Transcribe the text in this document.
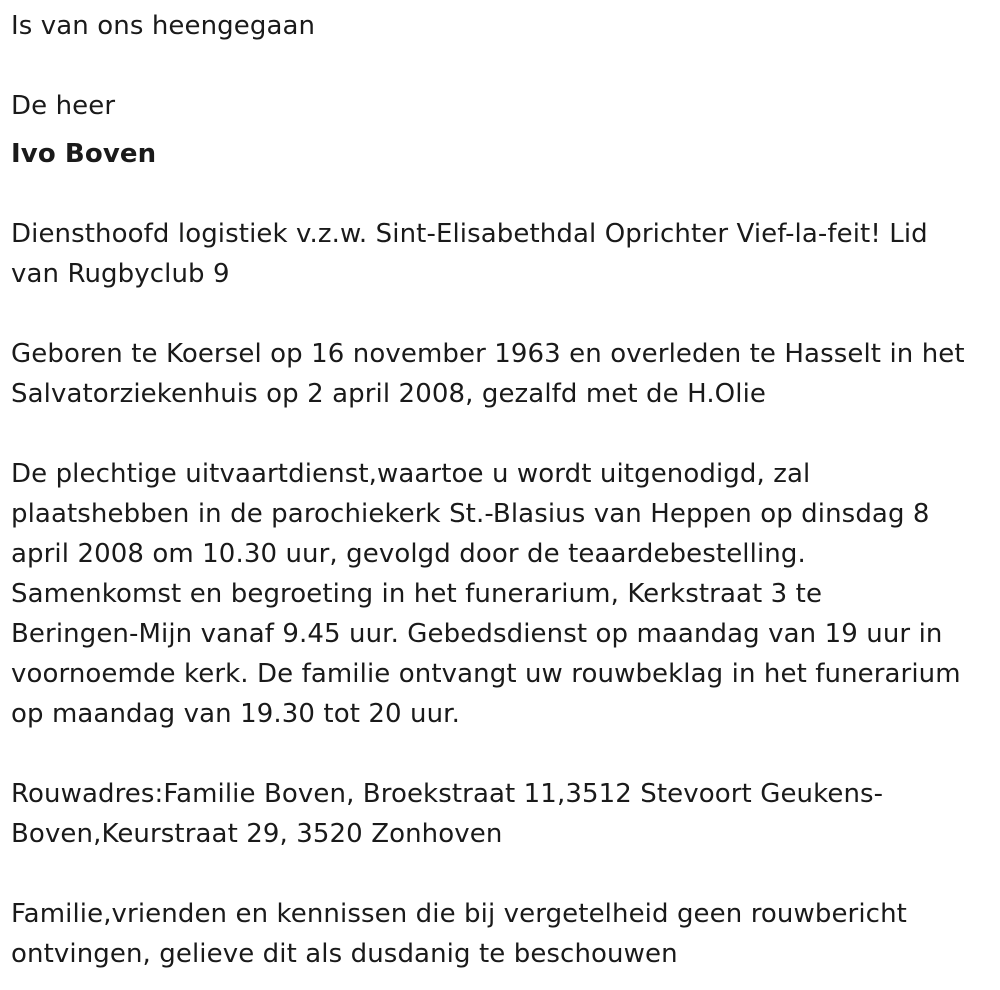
Is van ons heengegaan

De heer

Ivo Boven

Diensthoofd logistiek v.z.w. Sint-Elisabethdal Oprichter Vief-la-feit! Lid
van Rugbyclub 9

Geboren te Koersel op 16 november 1963 en overleden te Hasselt in het
Salvatorziekenhuis op 2 april 2008, gezalfd met de H.Olie

De plechtige uitvaartdienst,waartoe u wordt uitgenodigd, zal
plaatshebben in de parochiekerk St.-Blasius van Heppen op dinsdag 8
april 2008 om 10.30 uur, gevolgd door de teaardebestelling.
Samenkomst en begroeting in het funerarium, Kerkstraat 3 te
Beringen-Mijn vanaf 9.45 uur. Gebedsdienst op maandag van 19 uur in
voornoemde kerk. De familie ontvangt uw rouwbeklag in het funerarium
op maandag van 19.30 tot 20 uur.

Rouwadres:Familie Boven, Broekstraat 11,3512 Stevoort Geukens-
Boven,Keurstraat 29, 3520 Zonhoven

Familie,vrienden en kennissen die bij vergetelheid geen rouwbericht
ontvingen, gelieve dit als dusdanig te beschouwen
